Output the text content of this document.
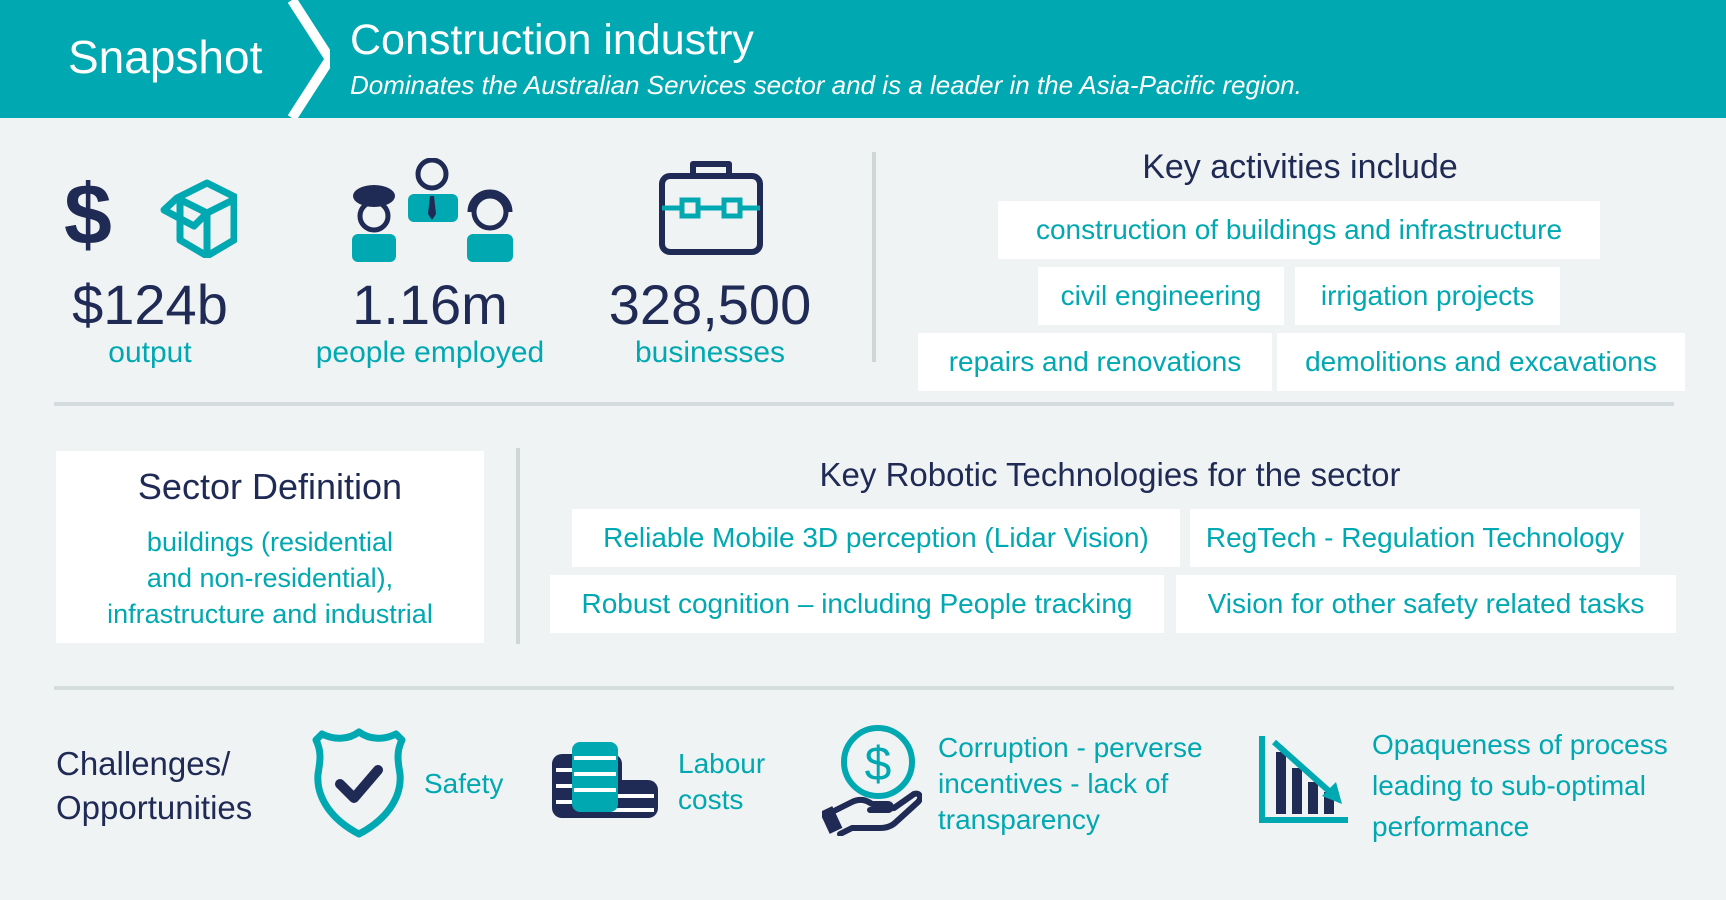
Snapshot Construction industry
Dominates the Australian Services sector and is a leader in the Asia-Pacific region.
$
$124b
output
1.16m
people employed
328,500
businesses
Key activities include
construction of buildings and infrastructure
civil engineering	irrigation projects
repairs and renovations	demolitions and excavations
Sector Definition
buildings (residential
and non-residential),
infrastructure and industrial
Key Robotic Technologies for the sector
Reliable Mobile 3D perception (Lidar Vision)	RegTech - Regulation Technology
Robust cognition – including People tracking	Vision for other safety related tasks
Challenges/
Opportunities
Safety
Labour
costs
$ Corruption - perverse
incentives - lack of
transparency
Opaqueness of process
leading to sub-optimal
performance
